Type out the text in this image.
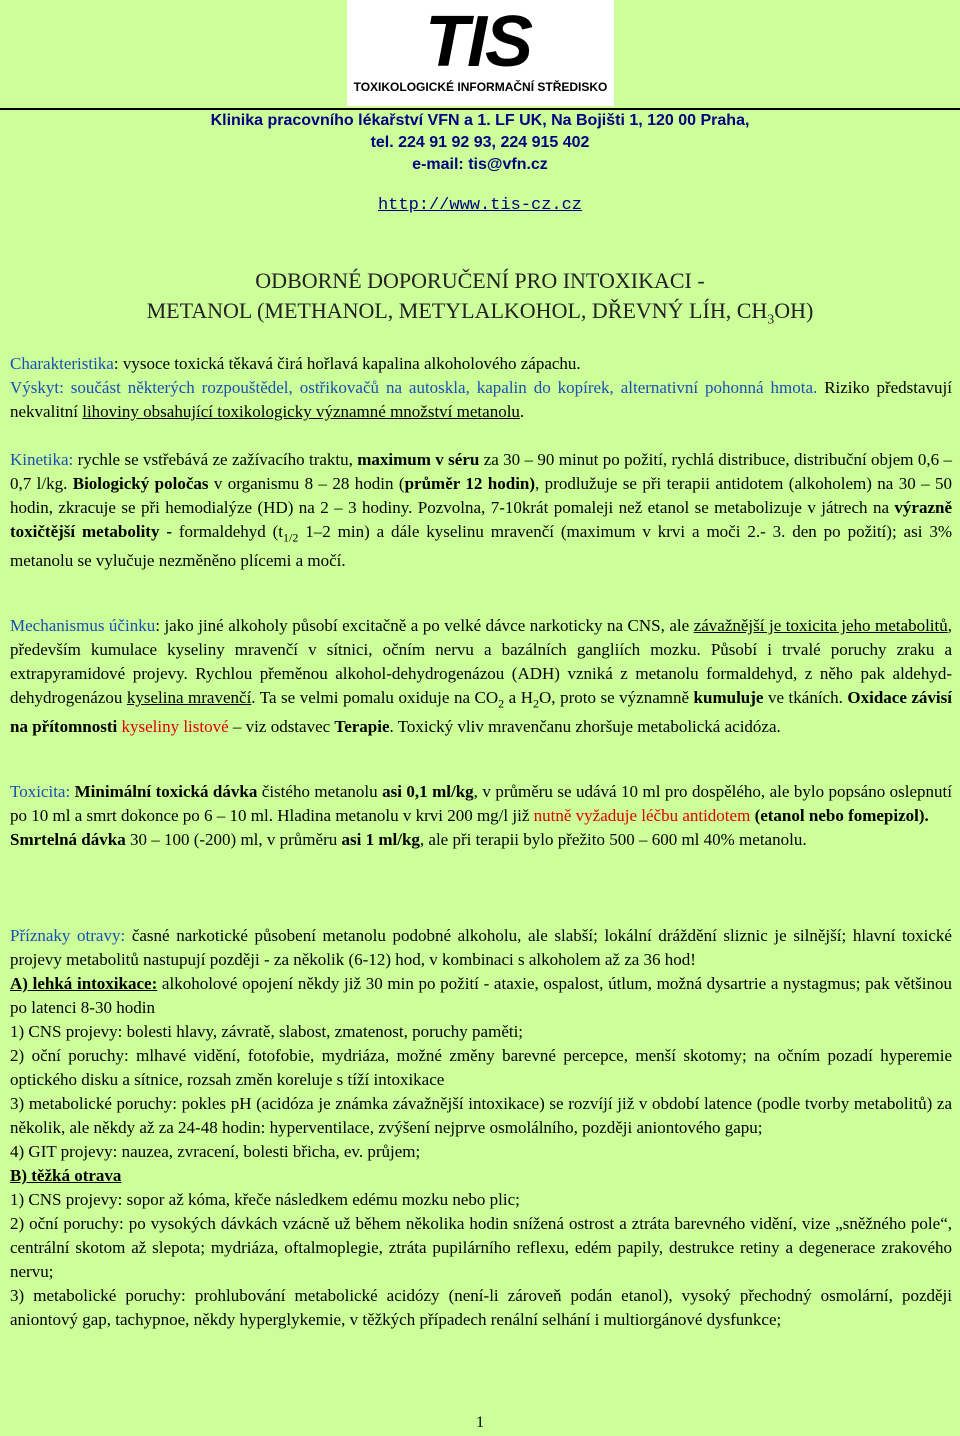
TIS
TOXIKOLOGICKÉ INFORMAČNÍ STŘEDISKO
Klinika pracovního lékařství VFN a 1. LF UK, Na Bojišti 1, 120 00 Praha,
tel. 224 91 92 93, 224 915 402
e-mail: tis@vfn.cz
http://www.tis-cz.cz
ODBORNÉ DOPORUČENÍ PRO INTOXIKACI -
METANOL (METHANOL, METYLALKOHOL, DŘEVNÝ LÍH, $CH_3OH$)
Charakteristika: vysoce toxická těkavá čirá hořlavá kapalina alkoholového zápachu.
Výskyt: součást některých rozpouštědel, ostřikovačů na autoskla, kapalin do kopírek, alternativní pohonná hmota. Riziko představují nekvalitní lihoviny obsahující toxikologicky významné množství metanolu.
Kinetika: rychle se vstřebává ze zažívacího traktu, maximum v séru za 30 – 90 minut po požití, rychlá distribuce, distribuční objem 0,6 – 0,7 l/kg. Biologický poločas v organismu 8 – 28 hodin (průměr 12 hodin), prodlužuje se při terapii antidotem (alkoholem) na 30 – 50 hodin, zkracuje se při hemodialýze (HD) na 2 – 3 hodiny. Pozvolna, 7-10krát pomaleji než etanol se metabolizuje v játrech na výrazně toxičtější metabolity - formaldehyd ($t_{1/2}$ 1–2 min) a dále kyselinu mravenčí (maximum v krvi a moči 2.- 3. den po požití); asi 3% metanolu se vylučuje nezměněno plícemi a močí.
Mechanismus účinku: jako jiné alkoholy působí excitačně a po velké dávce narkoticky na CNS, ale závažnější je toxicita jeho metabolitů, především kumulace kyseliny mravenčí v sítnici, očním nervu a bazálních gangliích mozku. Působí i trvalé poruchy zraku a extrapyramidové projevy. Rychlou přeměnou alkohol-dehydrogenázou (ADH) vzniká z metanolu formaldehyd, z něho pak aldehyd-dehydrogenázou kyselina mravenčí. Ta se velmi pomalu oxiduje na $CO_2$ a $H_2O$, proto se významně kumuluje ve tkáních. Oxidace závisí na přítomnosti kyseliny listové – viz odstavec Terapie. Toxický vliv mravenčanu zhoršuje metabolická acidóza.
Toxicita: Minimální toxická dávka čistého metanolu asi 0,1 ml/kg, v průměru se udává 10 ml pro dospělého, ale bylo popsáno oslepnutí po 10 ml a smrt dokonce po 6 – 10 ml. Hladina metanolu v krvi 200 mg/l již nutně vyžaduje léčbu antidotem (etanol nebo fomepizol).
Smrtelná dávka 30 – 100 (-200) ml, v průměru asi 1 ml/kg, ale při terapii bylo přežito 500 – 600 ml 40% metanolu.
Příznaky otravy: časné narkotické působení metanolu podobné alkoholu, ale slabší; lokální dráždění sliznic je silnější; hlavní toxické projevy metabolitů nastupují později - za několik (6-12) hod, v kombinaci s alkoholem až za 36 hod!
A) lehká intoxikace: alkoholové opojení někdy již 30 min po požití - ataxie, ospalost, útlum, možná dysartrie a nystagmus; pak většinou po latenci 8-30 hodin
1) CNS projevy: bolesti hlavy, závratě, slabost, zmatenost, poruchy paměti;
2) oční poruchy: mlhavé vidění, fotofobie, mydriáza, možné změny barevné percepce, menší skotomy; na očním pozadí hyperemie optického disku a sítnice, rozsah změn koreluje s tíží intoxikace
3) metabolické poruchy: pokles pH (acidóza je známka závažnější intoxikace) se rozvíjí již v období latence (podle tvorby metabolitů) za několik, ale někdy až za 24-48 hodin: hyperventilace, zvýšení nejprve osmolálního, později aniontového gapu;
4) GIT projevy: nauzea, zvracení, bolesti břicha, ev. průjem;
B) těžká otrava
1) CNS projevy: sopor až kóma, křeče následkem edému mozku nebo plic;
2) oční poruchy: po vysokých dávkách vzácně už během několika hodin snížená ostrost a ztráta barevného vidění, vize „sněžného pole“, centrální skotom až slepota; mydriáza, oftalmoplegie, ztráta pupilárního reflexu, edém papily, destrukce retiny a degenerace zrakového nervu;
3) metabolické poruchy: prohlubování metabolické acidózy (není-li zároveň podán etanol), vysoký přechodný osmolární, později aniontový gap, tachypnoe, někdy hyperglykemie, v těžkých případech renální selhání i multiorgánové dysfunkce;
1
